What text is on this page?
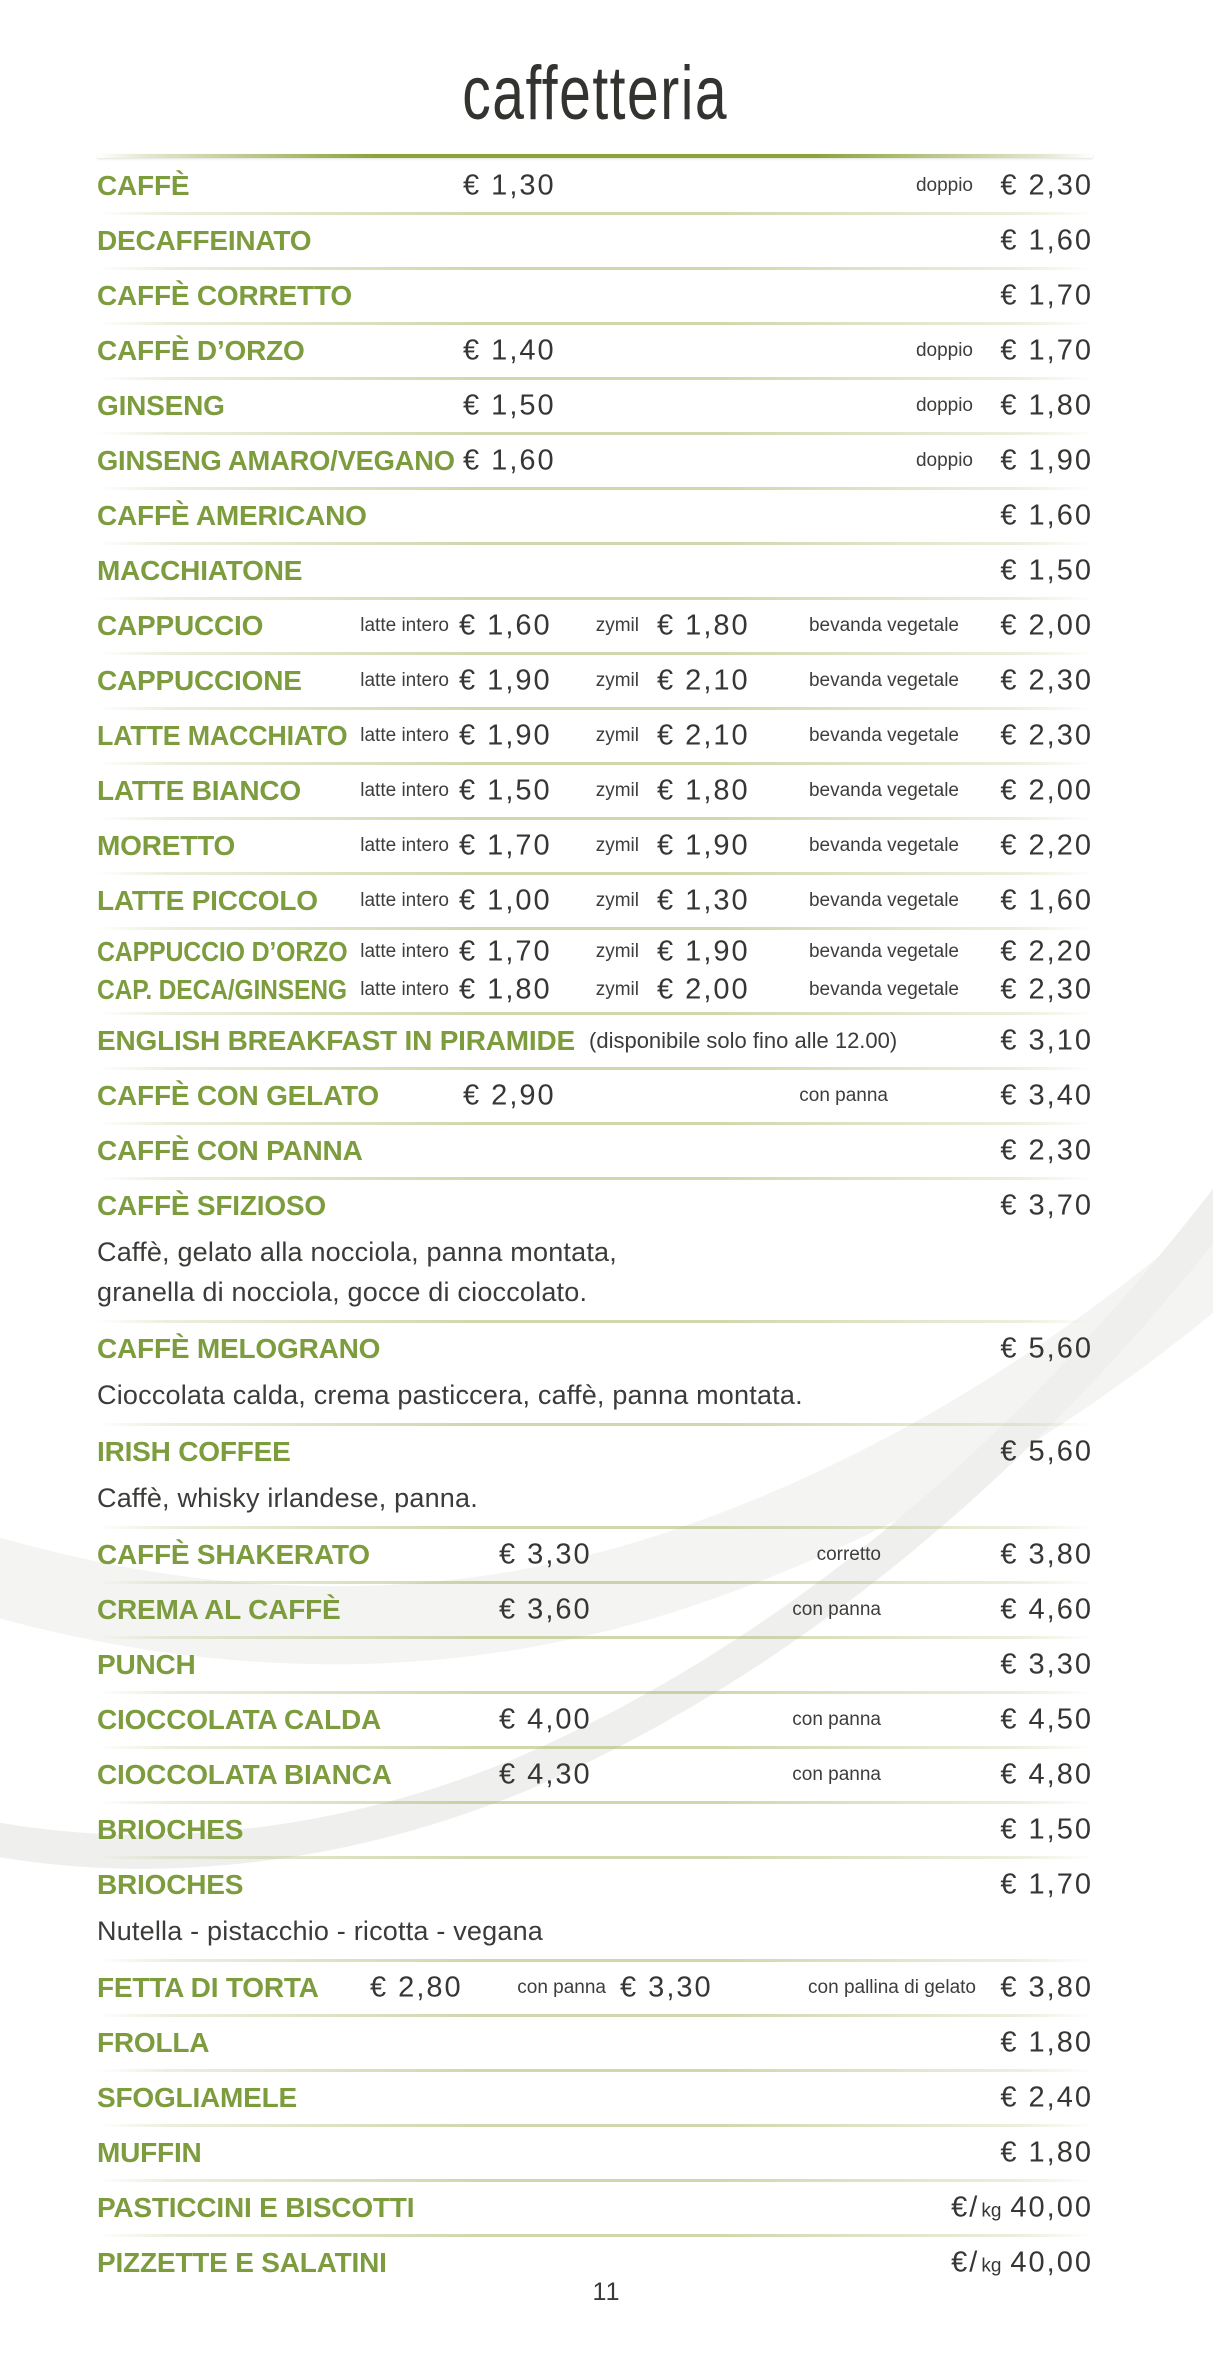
caffetteria
CAFFÈ	€ 1,30	doppio € 2,30
DECAFFEINATO	€ 1,60
CAFFÈ CORRETTO	€ 1,70
CAFFÈ D’ORZO	€ 1,40	doppio € 1,70
GINSENG	€ 1,50	doppio € 1,80
GINSENG AMARO/VEGANO € 1,60	doppio € 1,90
CAFFÈ AMERICANO	€ 1,60
MACCHIATONE	€ 1,50
CAPPUCCIO	latte intero € 1,60 zymil € 1,80	bevanda vegetale € 2,00
CAPPUCCIONE	latte intero € 1,90 zymil € 2,10	bevanda vegetale € 2,30
LATTE MACCHIATO latte intero € 1,90 zymil € 2,10	bevanda vegetale € 2,30
LATTE BIANCO	latte intero € 1,50 zymil € 1,80	bevanda vegetale € 2,00
MORETTO	latte intero € 1,70 zymil € 1,90	bevanda vegetale € 2,20
LATTE PICCOLO latte intero € 1,00 zymil € 1,30	bevanda vegetale € 1,60
CAPPUCCIO D’ORZO latte intero € 1,70 zymil € 1,90	bevanda vegetale € 2,20
CAP. DECA/GINSENG latte intero € 1,80 zymil € 2,00	bevanda vegetale € 2,30
ENGLISH BREAKFAST IN PIRAMIDE (disponibile solo fino alle 12.00)	€ 3,10
CAFFÈ CON GELATO	€ 2,90	con panna	€ 3,40
CAFFÈ CON PANNA	€ 2,30
CAFFÈ SFIZIOSO	€ 3,70

Caffè, gelato alla nocciola, panna montata,

granella di nocciola, gocce di cioccolato.

CAFFÈ MELOGRANO	€ 5,60

Cioccolata calda, crema pasticcera, caffè, panna montata.

IRISH COFFEE	€ 5,60

Caffè, whisky irlandese, panna.

CAFFÈ SHAKERATO	€ 3,30	corretto	€ 3,80
CREMA AL CAFFÈ	€ 3,60	con panna	€ 4,60
PUNCH	€ 3,30
CIOCCOLATA CALDA	€ 4,00	con panna	€ 4,50
CIOCCOLATA BIANCA	€ 4,30	con panna	€ 4,80
BRIOCHES	€ 1,50
BRIOCHES	€ 1,70

Nutella - pistacchio - ricotta - vegana

FETTA DI TORTA € 2,80	con panna € 3,30	con pallina di gelato € 3,80
FROLLA	€ 1,80
SFOGLIAMELE	€ 2,40
MUFFIN	€ 1,80
PASTICCINI E BISCOTTI	€/ kg 40,00
PIZZETTE E SALATINI	€/ kg 40,00
11
